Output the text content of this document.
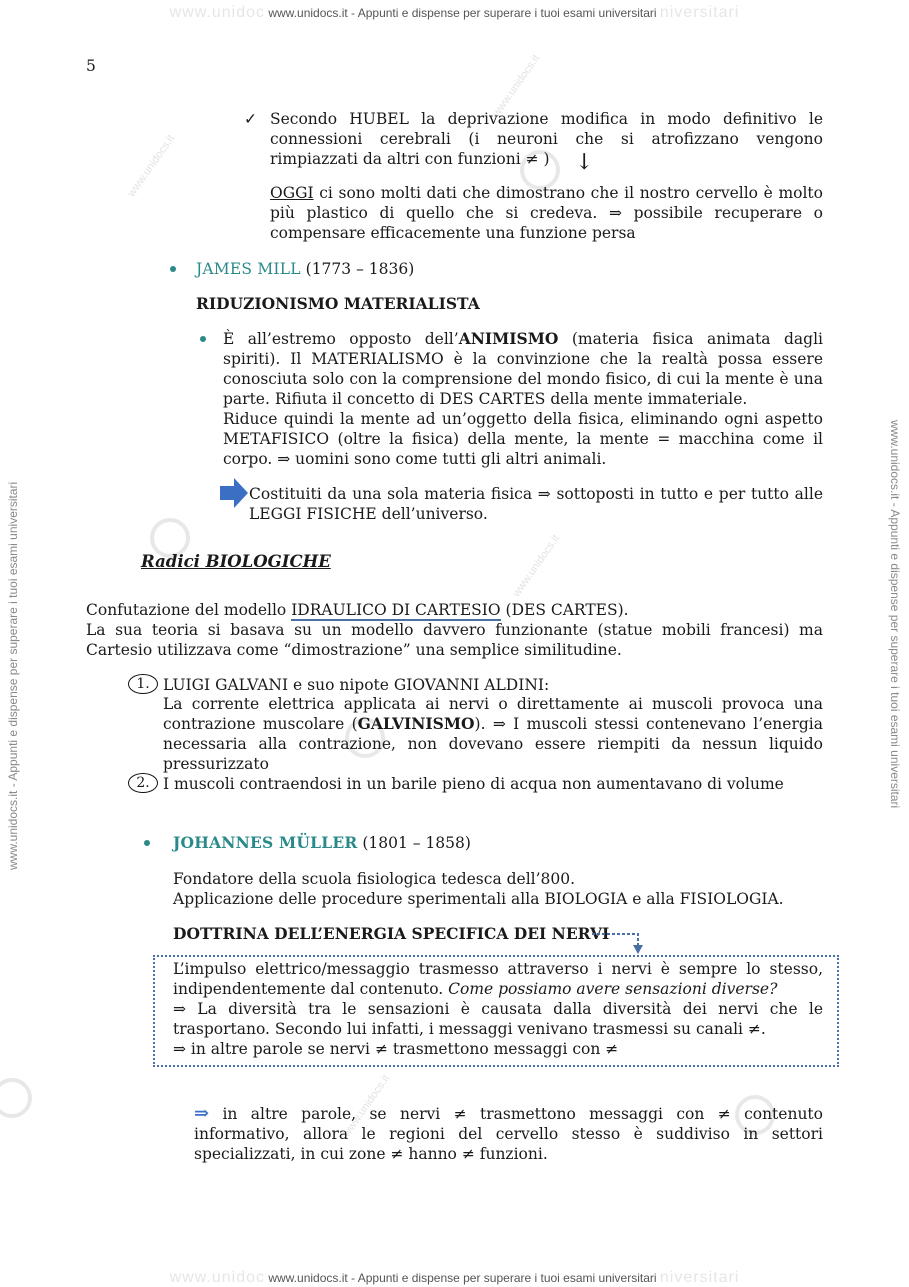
www.unidoc www.unidocs.it - Appunti e dispense per superare i tuoi esami universitari niversitari
www.unidoc www.unidocs.it - Appunti e dispense per superare i tuoi esami universitari niversitari
www.unidocs.it - Appunti e dispense per superare i tuoi esami universitari	www.unidocs.it - Appunti e dispense per superare i tuoi esami universitari
www.unidocs.it
www.unidocs.it
www.unidocs.it
www.unidocs.it
5
✓ Secondo HUBEL la deprivazione modifica in modo definitivo le connessioni cerebrali (i neuroni che si atrofizzano vengono rimpiazzati da altri con funzioni ≠ )	↓
OGGI ci sono molti dati che dimostrano che il nostro cervello è molto più plastico di quello che si credeva. ⇒ possibile recuperare o compensare efficacemente una funzione persa
JAMES MILL (1773 – 1836)
RIDUZIONISMO MATERIALISTA
È all’estremo opposto dell’ANIMISMO (materia fisica animata dagli spiriti). Il MATERIALISMO è la convinzione che la realtà possa essere conosciuta solo con la comprensione del mondo fisico, di cui la mente è una parte. Rifiuta il concetto di DES CARTES della mente immateriale.
Riduce quindi la mente ad un’oggetto della fisica, eliminando ogni aspetto METAFISICO (oltre la fisica) della mente, la mente = macchina come il corpo. ⇒ uomini sono come tutti gli altri animali.
Costituiti da una sola materia fisica ⇒ sottoposti in tutto e per tutto alle LEGGI FISICHE dell’universo.
Radici BIOLOGICHE
Confutazione del modello IDRAULICO DI CARTESIO (DES CARTES).
La sua teoria si basava su un modello davvero funzionante (statue mobili francesi) ma Cartesio utilizzava come “dimostrazione” una semplice similitudine.
1. LUIGI GALVANI e suo nipote GIOVANNI ALDINI:
La corrente elettrica applicata ai nervi o direttamente ai muscoli provoca una contrazione muscolare (GALVINISMO). ⇒ I muscoli stessi contenevano l’energia necessaria alla contrazione, non dovevano essere riempiti da nessun liquido pressurizzato
2. I muscoli contraendosi in un barile pieno di acqua non aumentavano di volume
JOHANNES MÜLLER (1801 – 1858)
Fondatore della scuola fisiologica tedesca dell’800.
Applicazione delle procedure sperimentali alla BIOLOGIA e alla FISIOLOGIA.
DOTTRINA DELL’ENERGIA SPECIFICA DEI NERVI
L’impulso elettrico/messaggio trasmesso attraverso i nervi è sempre lo stesso, indipendentemente dal contenuto. Come possiamo avere sensazioni diverse?
⇒ La diversità tra le sensazioni è causata dalla diversità dei nervi che le trasportano. Secondo lui infatti, i messaggi venivano trasmessi su canali ≠.
⇒ in altre parole se nervi ≠ trasmettono messaggi con ≠
⇒ in altre parole, se nervi ≠ trasmettono messaggi con ≠ contenuto informativo, allora le regioni del cervello stesso è suddiviso in settori specializzati, in cui zone ≠ hanno ≠ funzioni.
